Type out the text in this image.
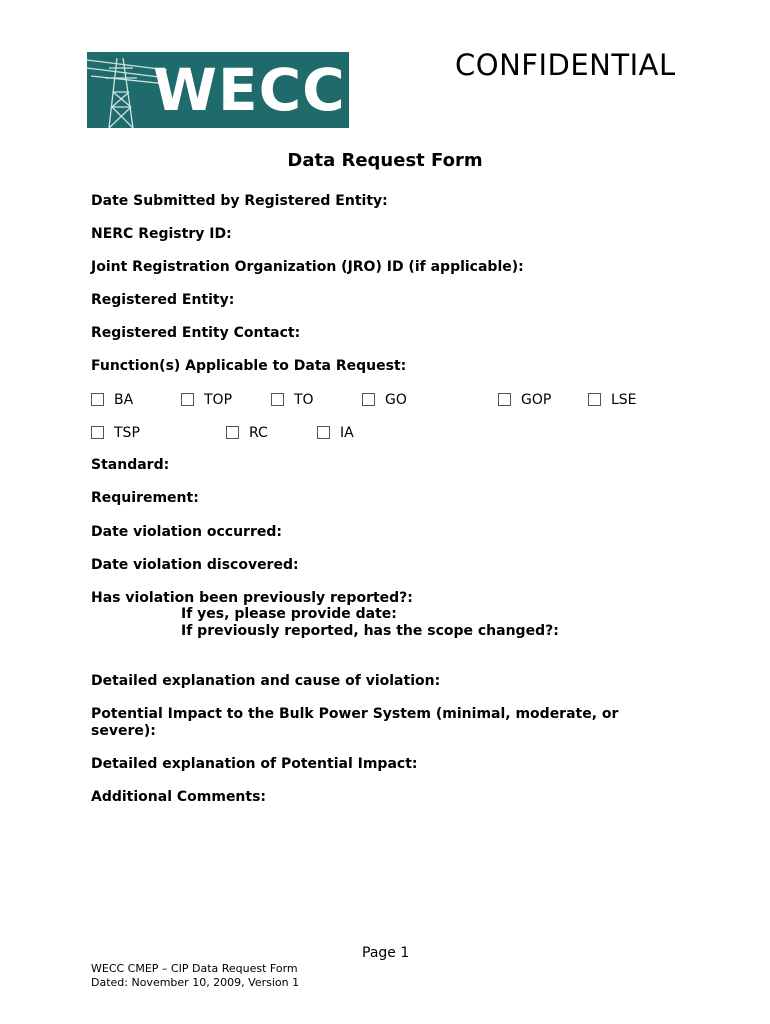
WECC	CONFIDENTIAL
Data Request Form
Date Submitted by Registered Entity:
NERC Registry ID:
Joint Registration Organization (JRO) ID (if applicable):
Registered Entity:
Registered Entity Contact:
Function(s) Applicable to Data Request:
BA	TOP	TO	GO	GOP	LSE
TSP	RC	IA
Standard:
Requirement:
Date violation occurred:
Date violation discovered:
Has violation been previously reported?:
If yes, please provide date:
If previously reported, has the scope changed?:
Detailed explanation and cause of violation:
Potential Impact to the Bulk Power System (minimal, moderate, or
severe):
Detailed explanation of Potential Impact:
Additional Comments:
Page 1
WECC CMEP – CIP Data Request Form
Dated: November 10, 2009, Version 1
